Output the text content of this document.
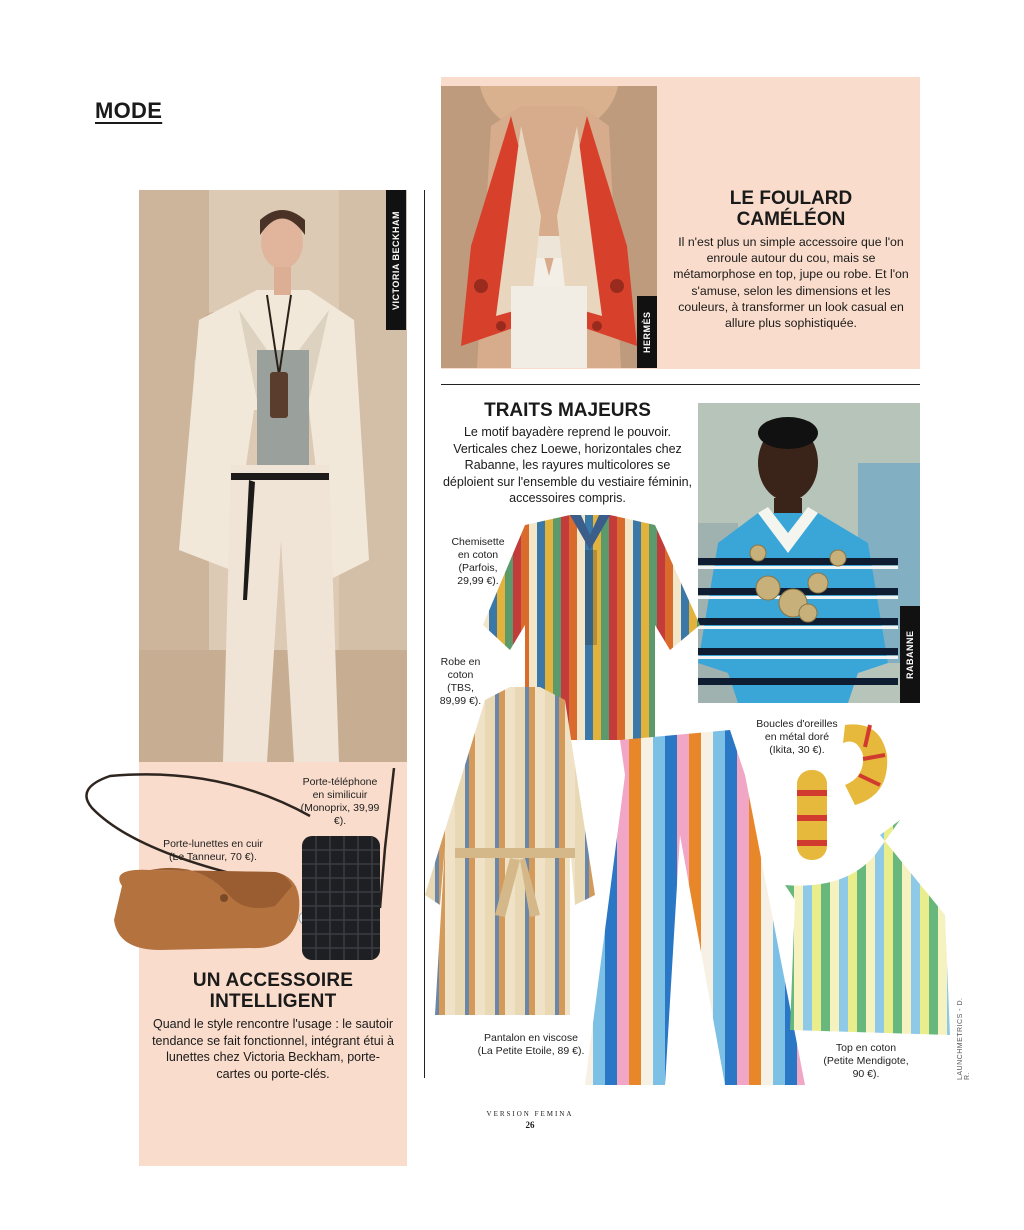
MODE
VICTORIA BECKHAM
Porte-téléphone en similicuir (Monoprix, 39,99 €).
Porte-lunettes en cuir (Le Tanneur, 70 €).
UN ACCESSOIRE
INTELLIGENT
Quand le style rencontre l'usage : le sautoir tendance se fait fonctionnel, intégrant étui à lunettes chez Victoria Beckham, porte-cartes ou porte-clés.
HERMÈS
LE FOULARD
CAMÉLÉON
Il n'est plus un simple accessoire que l'on enroule autour du cou, mais se métamorphose en top, jupe ou robe. Et l'on s'amuse, selon les dimensions et les couleurs, à transformer un look casual en allure plus sophistiquée.
TRAITS MAJEURS
Le motif bayadère reprend le pouvoir. Verticales chez Loewe, horizontales chez Rabanne, les rayures multicolores se déploient sur l'ensemble du vestiaire féminin, accessoires compris.
RABANNE
Chemisette en coton (Parfois, 29,99 €).
Robe en coton (TBS, 89,99 €).
Boucles d'oreilles en métal doré (Ikita, 30 €).
Pantalon en viscose (La Petite Etoile, 89 €).	Top en coton (Petite Mendigote, 90 €).
VERSION FEMINA
26
LAUNCHMETRICS - D. R.
